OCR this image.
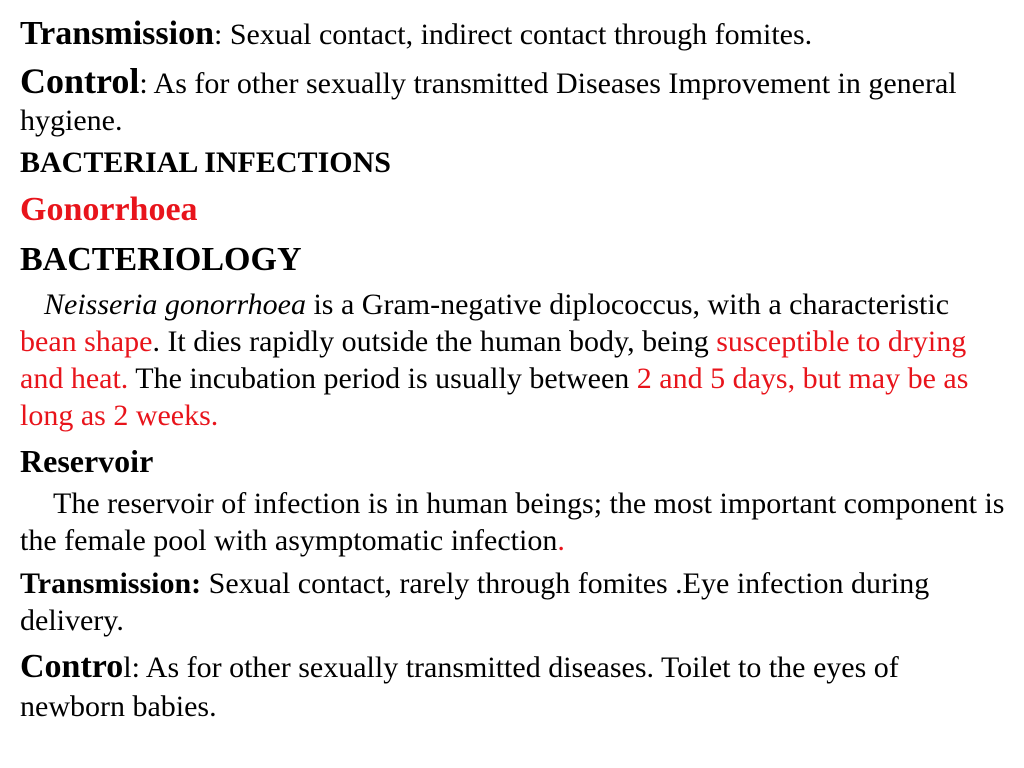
Transmission: Sexual contact, indirect contact through fomites.

Control: As for other sexually transmitted Diseases Improvement in general hygiene.

BACTERIAL INFECTIONS

Gonorrhoea

BACTERIOLOGY

Neisseria gonorrhoea is a Gram-negative diplococcus, with a characteristic bean shape. It dies rapidly outside the human body, being susceptible to drying and heat. The incubation period is usually between 2 and 5 days, but may be as long as 2 weeks.

Reservoir

The reservoir of infection is in human beings; the most important component is the female pool with asymptomatic infection.

Transmission: Sexual contact, rarely through fomites .Eye infection during delivery.

Control: As for other sexually transmitted diseases. Toilet to the eyes of newborn babies.
